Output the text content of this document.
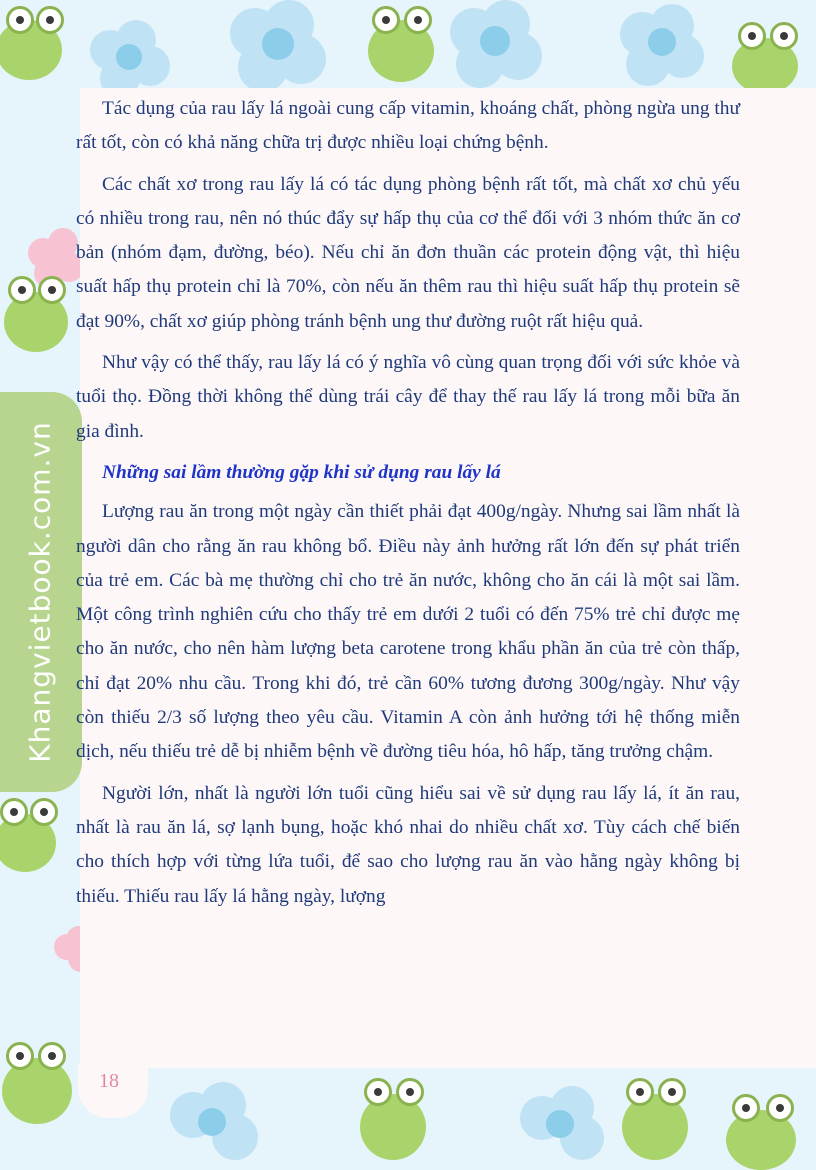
Khangvietbook.com.vn

Tác dụng của rau lấy lá ngoài cung cấp vitamin, khoáng chất, phòng ngừa ung thư rất tốt, còn có khả năng chữa trị được nhiều loại chứng bệnh.

Các chất xơ trong rau lấy lá có tác dụng phòng bệnh rất tốt, mà chất xơ chủ yếu có nhiều trong rau, nên nó thúc đẩy sự hấp thụ của cơ thể đối với 3 nhóm thức ăn cơ bản (nhóm đạm, đường, béo). Nếu chỉ ăn đơn thuần các protein động vật, thì hiệu suất hấp thụ protein chỉ là 70%, còn nếu ăn thêm rau thì hiệu suất hấp thụ protein sẽ đạt 90%, chất xơ giúp phòng tránh bệnh ung thư đường ruột rất hiệu quả.

Như vậy có thể thấy, rau lấy lá có ý nghĩa vô cùng quan trọng đối với sức khỏe và tuổi thọ. Đồng thời không thể dùng trái cây để thay thế rau lấy lá trong mỗi bữa ăn gia đình.

Những sai lầm thường gặp khi sử dụng rau lấy lá

Lượng rau ăn trong một ngày cần thiết phải đạt 400g/ngày. Nhưng sai lầm nhất là người dân cho rằng ăn rau không bổ. Điều này ảnh hưởng rất lớn đến sự phát triển của trẻ em. Các bà mẹ thường chỉ cho trẻ ăn nước, không cho ăn cái là một sai lầm. Một công trình nghiên cứu cho thấy trẻ em dưới 2 tuổi có đến 75% trẻ chỉ được mẹ cho ăn nước, cho nên hàm lượng beta carotene trong khẩu phần ăn của trẻ còn thấp, chỉ đạt 20% nhu cầu. Trong khi đó, trẻ cần 60% tương đương 300g/ngày. Như vậy còn thiếu 2/3 số lượng theo yêu cầu. Vitamin A còn ảnh hưởng tới hệ thống miễn dịch, nếu thiếu trẻ dễ bị nhiễm bệnh về đường tiêu hóa, hô hấp, tăng trưởng chậm.

Người lớn, nhất là người lớn tuổi cũng hiểu sai về sử dụng rau lấy lá, ít ăn rau, nhất là rau ăn lá, sợ lạnh bụng, hoặc khó nhai do nhiều chất xơ. Tùy cách chế biến cho thích hợp với từng lứa tuổi, để sao cho lượng rau ăn vào hằng ngày không bị thiếu. Thiếu rau lấy lá hằng ngày, lượng

18
